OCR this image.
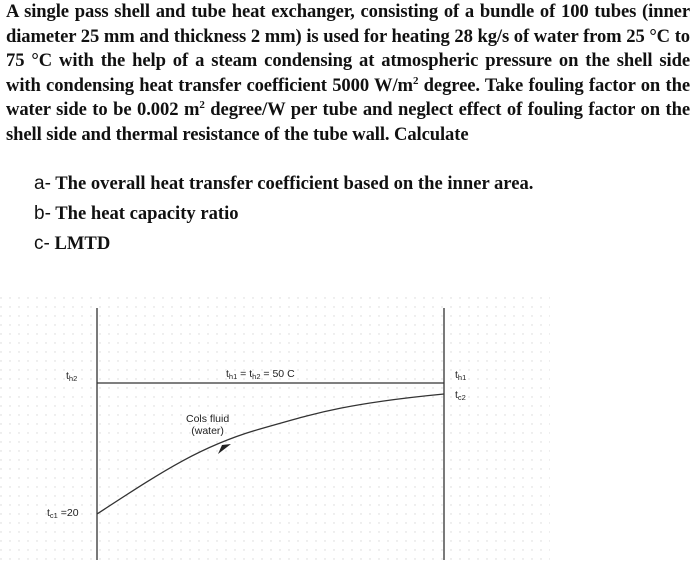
A single pass shell and tube heat exchanger, consisting of a bundle of 100 tubes (inner diameter 25 mm and thickness 2 mm) is used for heating 28 kg/s of water from 25 °C to 75 °C with the help of a steam condensing at atmospheric pressure on the shell side with condensing heat transfer coefficient 5000 $W/m^2$ degree. Take fouling factor on the water side to be 0.002 $m^2$ degree/W per tube and neglect effect of fouling factor on the shell side and thermal resistance of the tube wall. Calculate
a- The overall heat transfer coefficient based on the inner area.
b- The heat capacity ratio
c- LMTD
$t_{h2}$	$t_{h1} = t_{h2} = 50$ C	$t_{h1}$
$t_{c2}$
$t_{c1} =20$
Cols fluid
(water)
